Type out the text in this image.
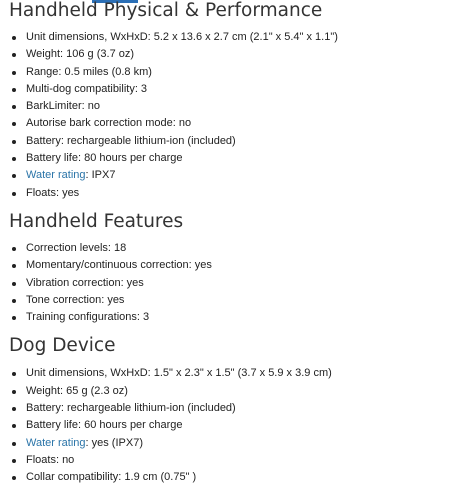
Handheld Physical & Performance
Unit dimensions, WxHxD: 5.2 x 13.6 x 2.7 cm (2.1" x 5.4" x 1.1")
Weight: 106 g (3.7 oz)
Range: 0.5 miles (0.8 km)
Multi-dog compatibility: 3
BarkLimiter: no
Autorise bark correction mode: no
Battery: rechargeable lithium-ion (included)
Battery life: 80 hours per charge
Water rating: IPX7
Floats: yes
Handheld Features
Correction levels: 18
Momentary/continuous correction: yes
Vibration correction: yes
Tone correction: yes
Training configurations: 3
Dog Device
Unit dimensions, WxHxD: 1.5" x 2.3" x 1.5" (3.7 x 5.9 x 3.9 cm)
Weight: 65 g (2.3 oz)
Battery: rechargeable lithium-ion (included)
Battery life: 60 hours per charge
Water rating: yes (IPX7)
Floats: no
Collar compatibility: 1.9 cm (0.75" )
